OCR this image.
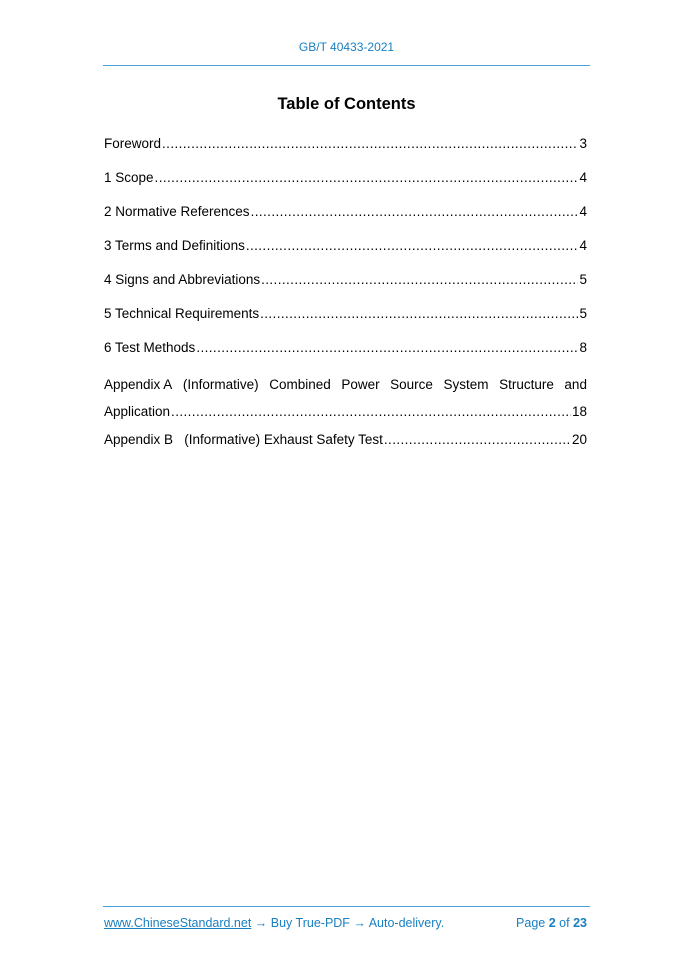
GB/T 40433-2021
Table of Contents
Foreword .....	3
1 Scope .....	4
2 Normative References .....	4
3 Terms and Definitions .....	4
4 Signs and Abbreviations .....	5
5 Technical Requirements .....	5
6 Test Methods .....	8
Appendix A (Informative) Combined Power Source System Structure and
Application .....	18
Appendix B   (Informative) Exhaust Safety Test .....	20
www.ChineseStandard.net → Buy True-PDF → Auto-delivery.	Page 2 of 23
